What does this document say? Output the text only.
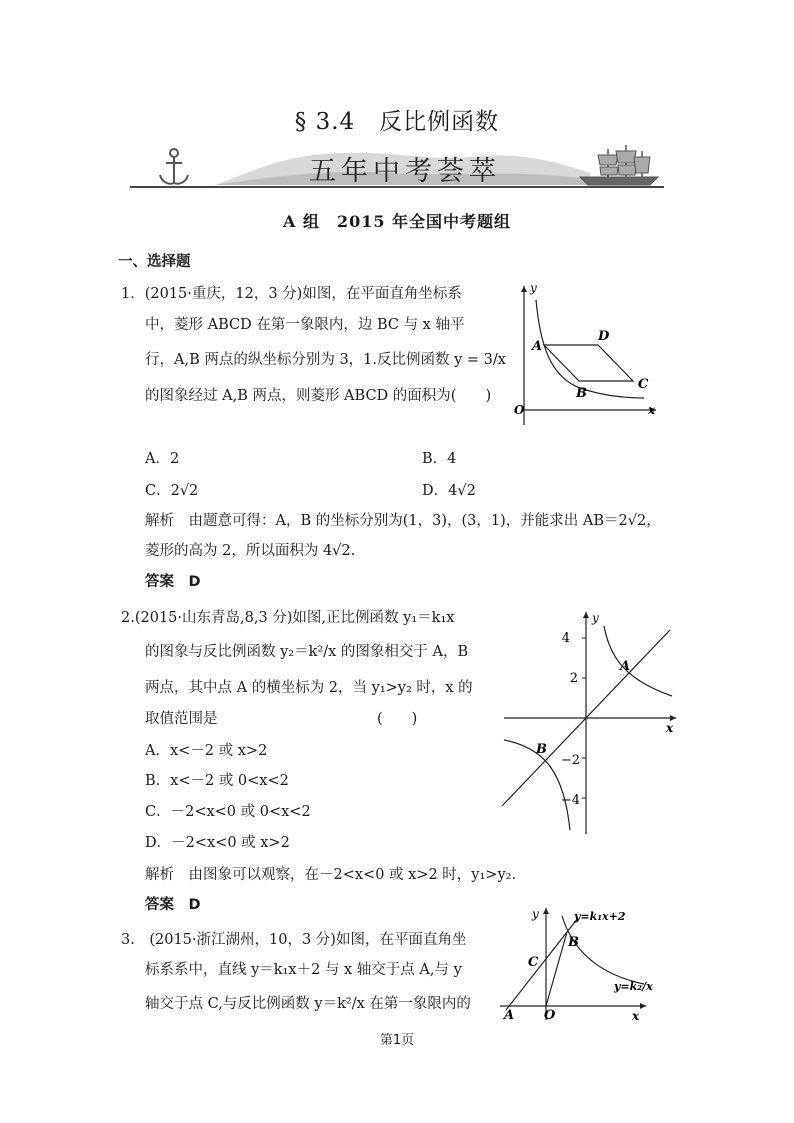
§ 3.4　反比例函数
五年中考荟萃
A 组　2015 年全国中考题组
一、选择题
1．(2015·重庆，12，3 分)如图，在平面直角坐标系
中，菱形 ABCD 在第一象限内，边 BC 与 x 轴平
行，A,B 两点的纵坐标分别为 3，1.反比例函数 y = 3/x
的图象经过 A,B 两点，则菱形 ABCD 的面积为(　　)
y
A
B
C
D
O	x
A．2	B．4
C．2√2	D．4√2
解析　由题意可得：A，B 的坐标分别为(1，3)，(3，1)，并能求出 AB＝2√2，
菱形的高为 2，所以面积为 4√2.
答案　D
2.(2015·山东青岛,8,3 分)如图,正比例函数 y₁＝k₁x
的图象与反比例函数 y₂＝k²/x 的图象相交于 A，B
两点，其中点 A 的横坐标为 2，当 y₁>y₂ 时，x 的
取值范围是　　　　　　　　　　　(　　)
A．x<－2 或 x>2
B．x<－2 或 0<x<2
C．－2<x<0 或 0<x<2
D．－2<x<0 或 x>2
4
2
−2
−4
y
x
A
B
解析　由图象可以观察，在－2<x<0 或 x>2 时，y₁>y₂.
答案　D
3.　(2015·浙江湖州，10，3 分)如图，在平面直角坐
标系系中，直线 y＝k₁x＋2 与 x 轴交于点 A,与 y
轴交于点 C,与反比例函数 y＝k²/x 在第一象限内的
y	y=k₁x+2
B
C
y=k₂/x
A O	x
第1页
